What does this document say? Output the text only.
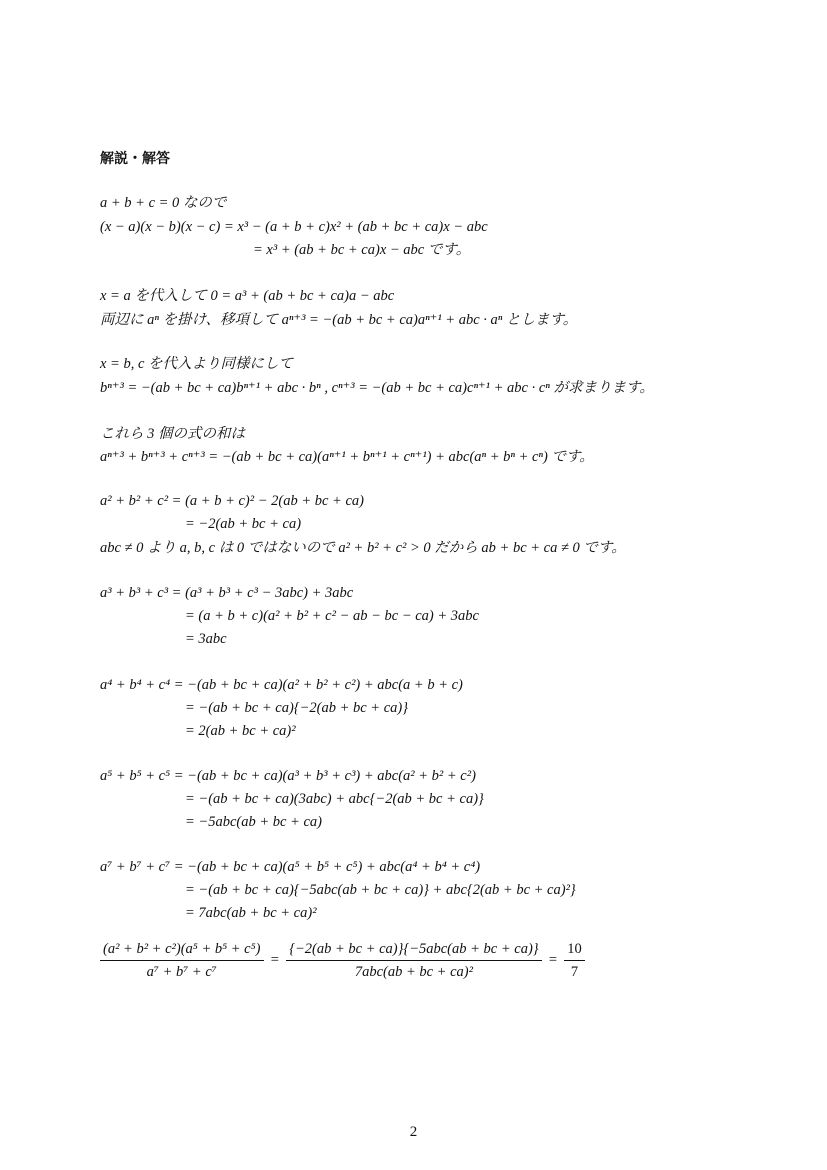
解説・解答
a + b + c = 0 なので
(x − a)(x − b)(x − c) = x³ − (a + b + c)x² + (ab + bc + ca)x − abc
= x³ + (ab + bc + ca)x − abc です。
x = a を代入して 0 = a³ + (ab + bc + ca)a − abc
両辺に aⁿ を掛け、移項して aⁿ⁺³ = −(ab + bc + ca)aⁿ⁺¹ + abc · aⁿ とします。
x = b, c を代入より同様にして
bⁿ⁺³ = −(ab + bc + ca)bⁿ⁺¹ + abc · bⁿ , cⁿ⁺³ = −(ab + bc + ca)cⁿ⁺¹ + abc · cⁿ が求まります。
これら 3 個の式の和は
aⁿ⁺³ + bⁿ⁺³ + cⁿ⁺³ = −(ab + bc + ca)(aⁿ⁺¹ + bⁿ⁺¹ + cⁿ⁺¹) + abc(aⁿ + bⁿ + cⁿ) です。
a² + b² + c² = (a + b + c)² − 2(ab + bc + ca)
= −2(ab + bc + ca)
abc ≠ 0 より a, b, c は 0 ではないので a² + b² + c² > 0 だから ab + bc + ca ≠ 0 です。
a³ + b³ + c³ = (a³ + b³ + c³ − 3abc) + 3abc
= (a + b + c)(a² + b² + c² − ab − bc − ca) + 3abc
= 3abc
a⁴ + b⁴ + c⁴ = −(ab + bc + ca)(a² + b² + c²) + abc(a + b + c)
= −(ab + bc + ca){−2(ab + bc + ca)}
= 2(ab + bc + ca)²
a⁵ + b⁵ + c⁵ = −(ab + bc + ca)(a³ + b³ + c³) + abc(a² + b² + c²)
= −(ab + bc + ca)(3abc) + abc{−2(ab + bc + ca)}
= −5abc(ab + bc + ca)
a⁷ + b⁷ + c⁷ = −(ab + bc + ca)(a⁵ + b⁵ + c⁵) + abc(a⁴ + b⁴ + c⁴)
= −(ab + bc + ca){−5abc(ab + bc + ca)} + abc{2(ab + bc + ca)²}
= 7abc(ab + bc + ca)²
$\frac{\text{(a² + b² + c²)(a⁵ + b⁵ + c⁵)}}{\text{a⁷ + b⁷ + c⁷}} = \frac{\text{\{−2(ab + bc + ca)\}\{−5abc(ab + bc + ca)\}}}{\text{7abc(ab + bc + ca)²}} = \frac{10}{7}$
2
